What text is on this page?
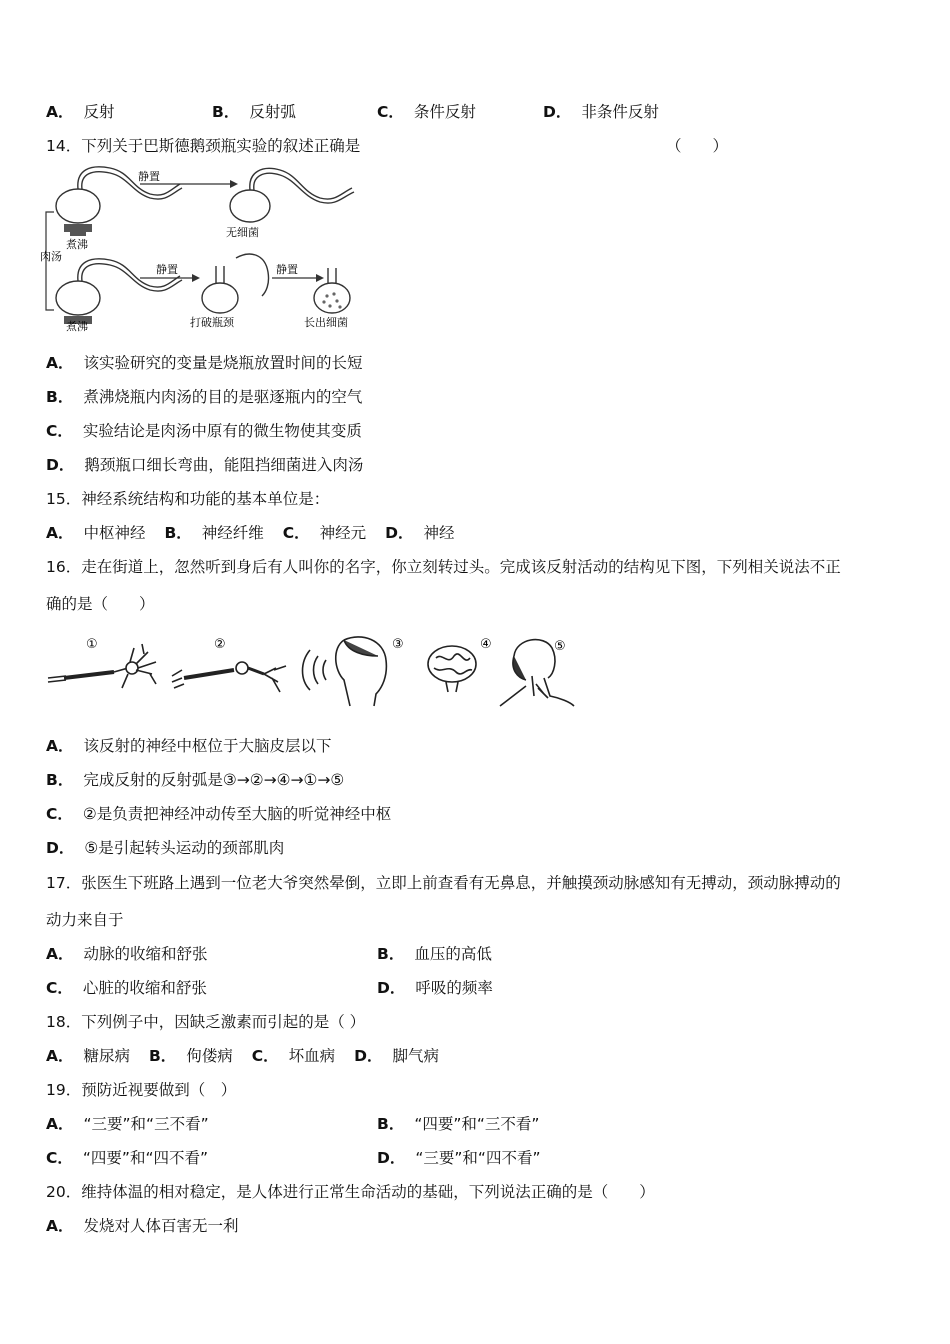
A． 反射	B． 反射弧	C． 条件反射	D． 非条件反射
14．下列关于巴斯德鹅颈瓶实验的叙述正确是	（　　）
静置
煮沸
肉汤
无细菌
静置	静置
煮沸	打破瓶颈	长出细菌
A． 该实验研究的变量是烧瓶放置时间的长短
B． 煮沸烧瓶内肉汤的目的是驱逐瓶内的空气
C． 实验结论是肉汤中原有的微生物使其变质
D． 鹅颈瓶口细长弯曲，能阻挡细菌进入肉汤
15．神经系统结构和功能的基本单位是：
A． 中枢神经 B． 神经纤维 C． 神经元 D． 神经
16．走在街道上，忽然听到身后有人叫你的名字，你立刻转过头。完成该反射活动的结构见下图，下列相关说法不正
确的是（　　）
①	②	③	④	⑤
A． 该反射的神经中枢位于大脑皮层以下
B． 完成反射的反射弧是③→②→④→①→⑤
C． ②是负责把神经冲动传至大脑的听觉神经中枢
D． ⑤是引起转头运动的颈部肌肉
17．张医生下班路上遇到一位老大爷突然晕倒，立即上前查看有无鼻息，并触摸颈动脉感知有无搏动，颈动脉搏动的
动力来自于
A． 动脉的收缩和舒张	B． 血压的高低
C． 心脏的收缩和舒张	D． 呼吸的频率
18．下列例子中，因缺乏激素而引起的是（ ）
A． 糖尿病 B． 佝偻病 C． 坏血病 D． 脚气病
19．预防近视要做到（　）
A． “三要”和“三不看”	B． “四要”和“三不看”
C． “四要”和“四不看”	D． “三要”和“四不看”
20．维持体温的相对稳定，是人体进行正常生命活动的基础，下列说法正确的是（　　）
A． 发烧对人体百害无一利
